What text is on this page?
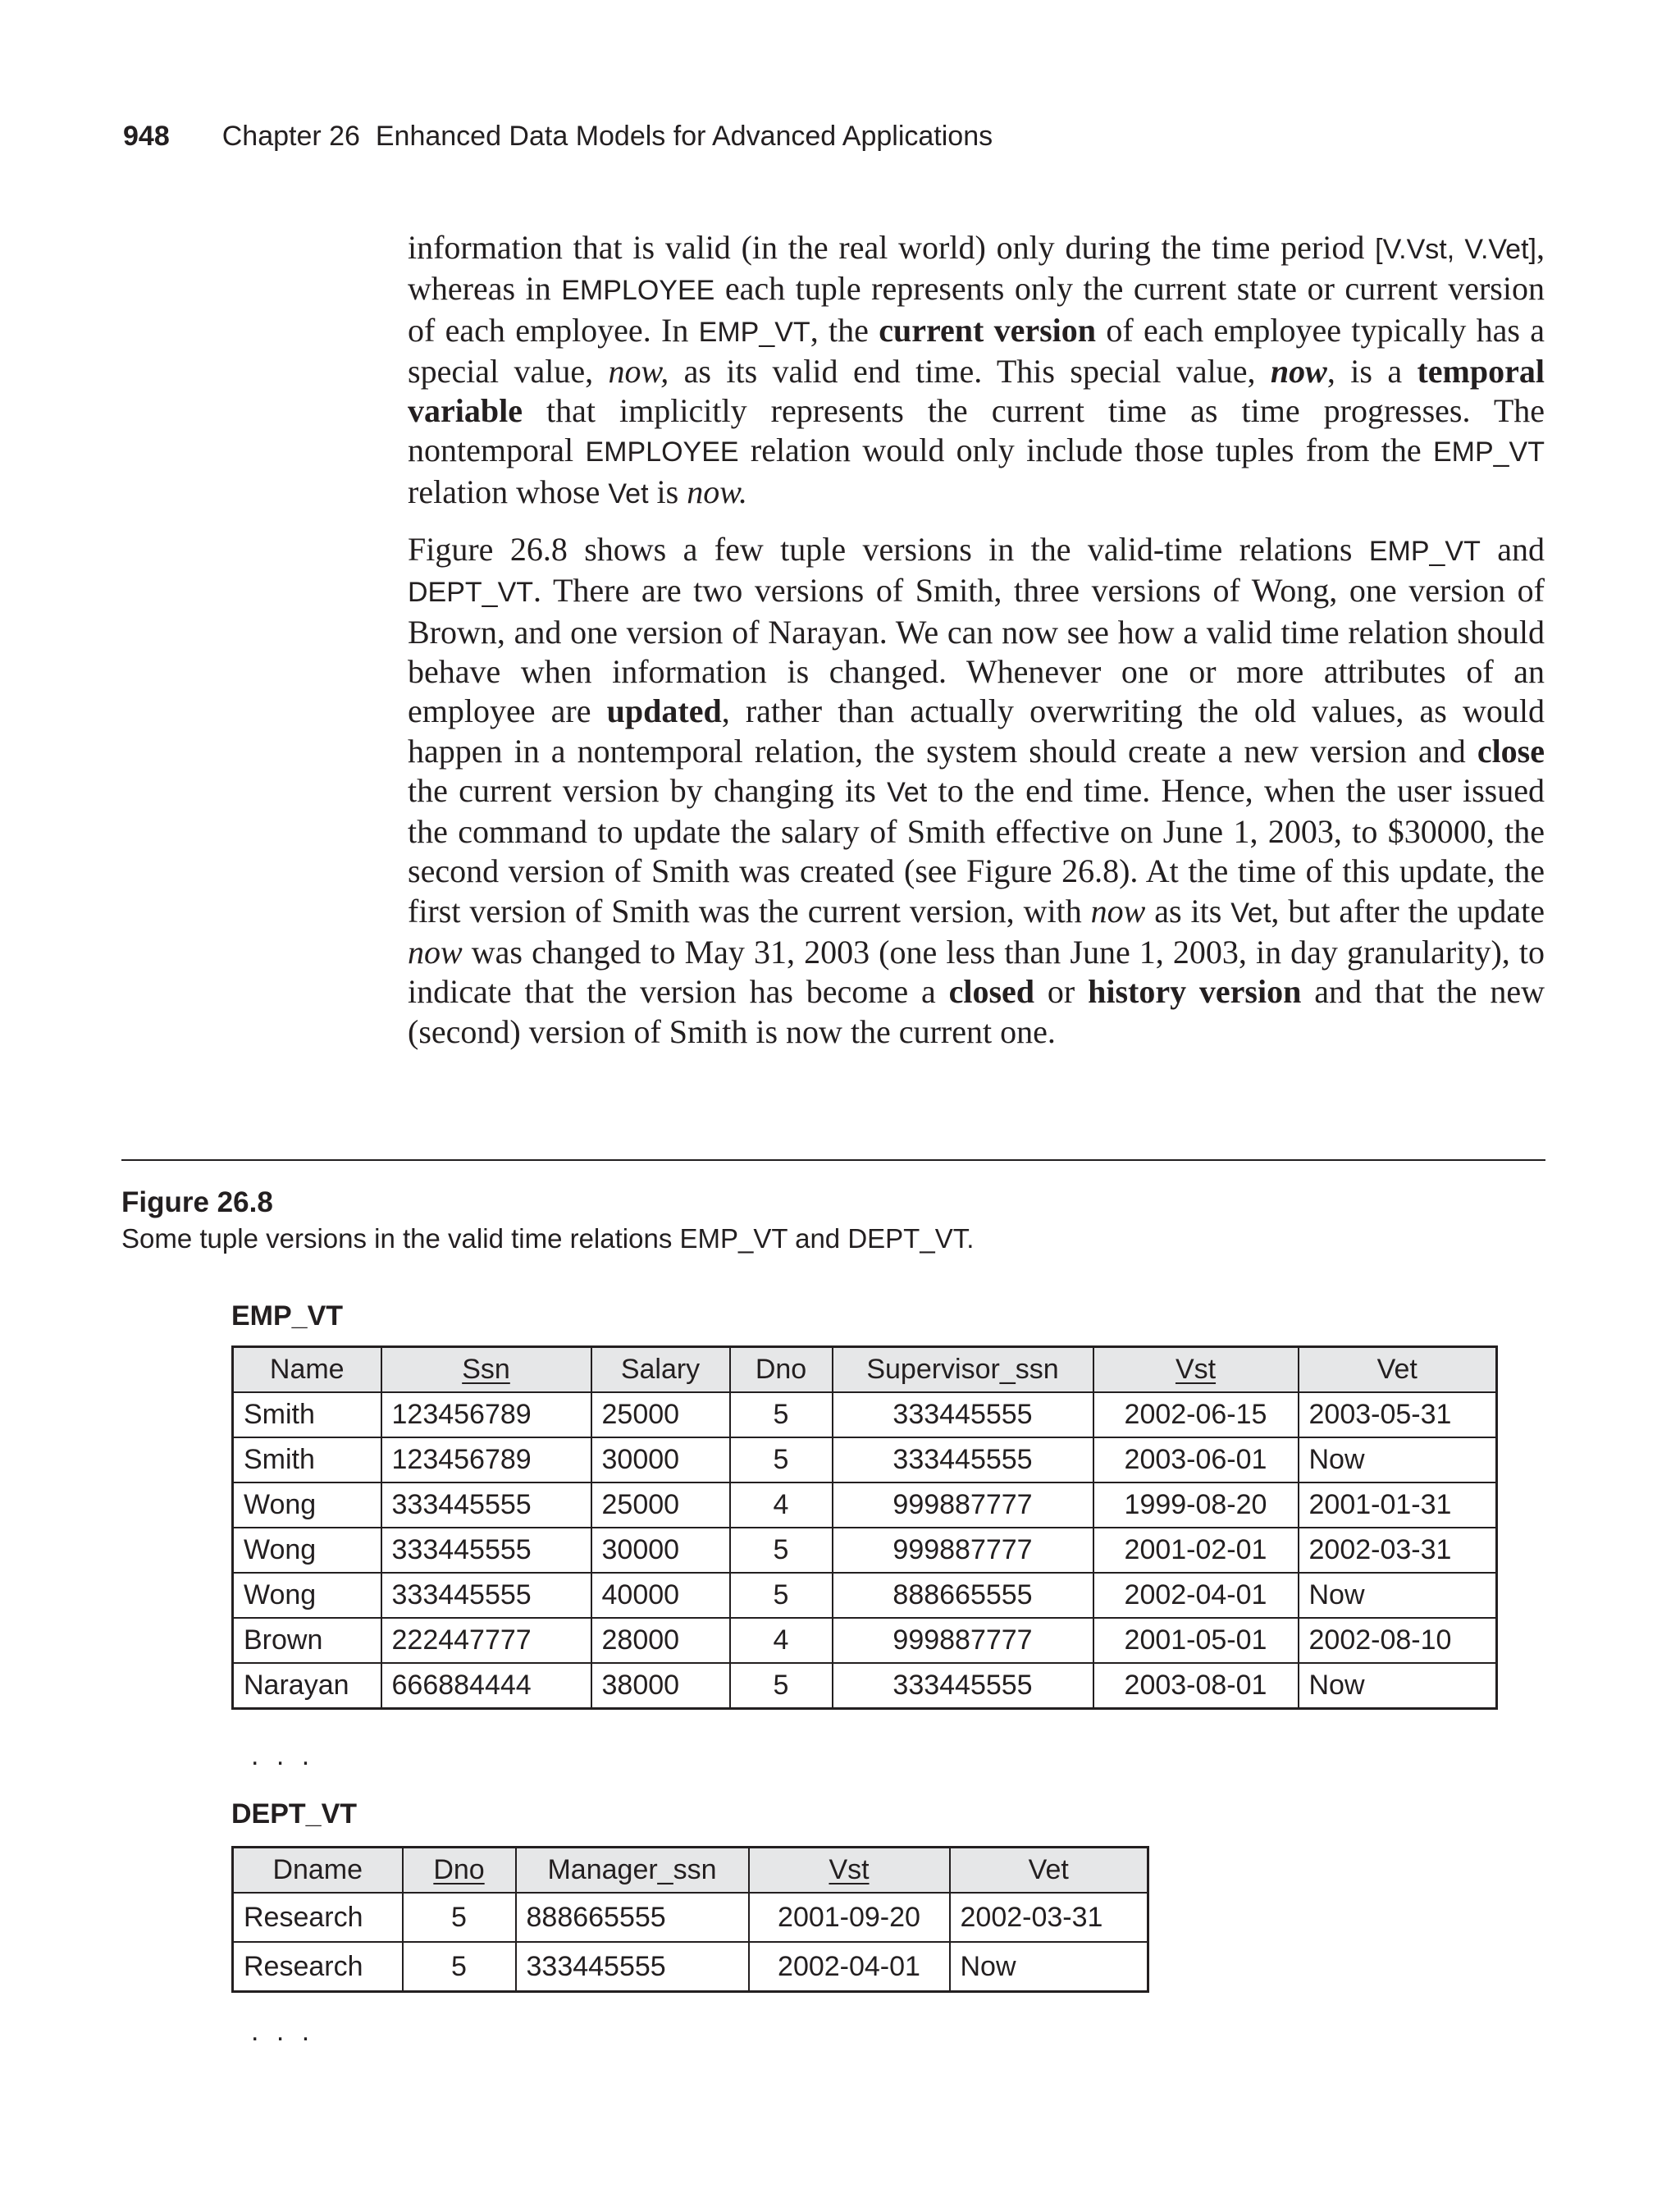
948 Chapter 26  Enhanced Data Models for Advanced Applications

information that is valid (in the real world) only during the time period [V.Vst, V.Vet], whereas in EMPLOYEE each tuple represents only the current state or current version of each employee. In EMP_VT, the current version of each employee typically has a special value, now, as its valid end time. This special value, now, is a temporal variable that implicitly represents the current time as time progresses. The nontemporal EMPLOYEE relation would only include those tuples from the EMP_VT relation whose Vet is now.

Figure 26.8 shows a few tuple versions in the valid-time relations EMP_VT and DEPT_VT. There are two versions of Smith, three versions of Wong, one version of Brown, and one version of Narayan. We can now see how a valid time relation should behave when information is changed. Whenever one or more attributes of an employee are updated, rather than actually overwriting the old values, as would happen in a nontemporal relation, the system should create a new version and close the current version by changing its Vet to the end time. Hence, when the user issued the command to update the salary of Smith effective on June 1, 2003, to $30000, the second version of Smith was created (see Figure 26.8). At the time of this update, the first version of Smith was the current version, with now as its Vet, but after the update now was changed to May 31, 2003 (one less than June 1, 2003, in day granularity), to indicate that the version has become a closed or history version and that the new (second) version of Smith is now the current one.

Figure 26.8
Some tuple versions in the valid time relations EMP_VT and DEPT_VT.
EMP_VT
Name	Ssn	Salary	Dno	Supervisor_ssn	Vst	Vet
Smith	123456789	25000	5	333445555	2002-06-15	2003-05-31
Smith	123456789	30000	5	333445555	2003-06-01	Now
Wong	333445555	25000	4	999887777	1999-08-20	2001-01-31
Wong	333445555	30000	5	999887777	2001-02-01	2002-03-31
Wong	333445555	40000	5	888665555	2002-04-01	Now
Brown	222447777	28000	4	999887777	2001-05-01	2002-08-10
Narayan	666884444	38000	5	333445555	2003-08-01	Now
. . .
DEPT_VT
Dname	Dno	Manager_ssn	Vst	Vet
Research	5	888665555	2001-09-20	2002-03-31
Research	5	333445555	2002-04-01	Now
. . .
